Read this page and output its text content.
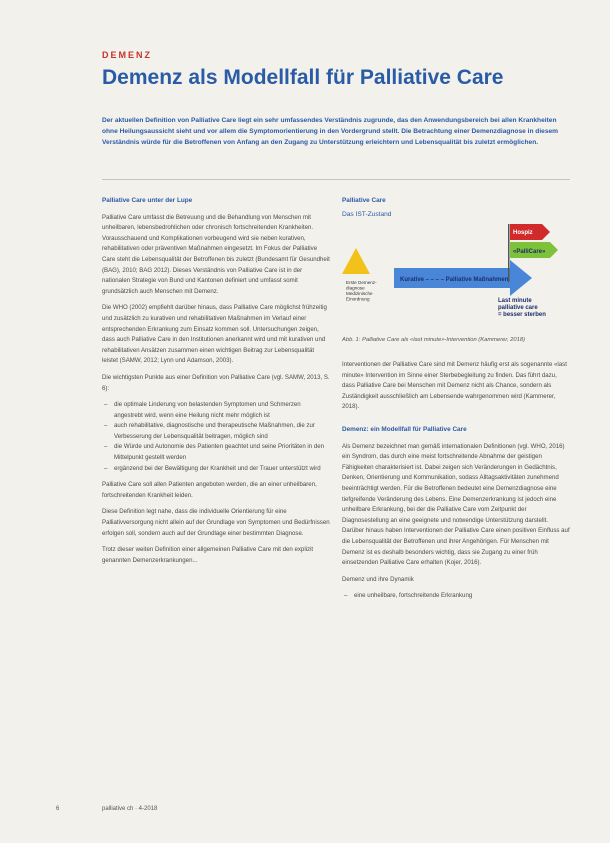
DEMENZ
Demenz als Modellfall für Palliative Care
Der aktuellen Definition von Palliative Care liegt ein sehr umfassendes Verständnis zugrunde, das den Anwendungsbereich bei allen Krankheiten ohne Heilungsaussicht sieht und vor allem die Symptomorientierung in den Vordergrund stellt. Die Betrachtung einer Demenzdiagnose in diesem Verständnis würde für die Betroffenen von Anfang an den Zugang zu Unterstützung erleichtern und Lebensqualität bis zuletzt ermöglichen.

Palliative Care unter der Lupe

Palliative Care umfasst die Betreuung und die Behandlung von Menschen mit unheilbaren, lebensbedrohlichen oder chronisch fortschreitenden Krankheiten. Vorausschauend und Komplikationen vorbeugend wird sie neben kurativen, rehabilitativen oder präventiven Maßnahmen eingesetzt. Im Fokus der Palliative Care steht die Lebensqualität der Betroffenen bis zuletzt (Bundesamt für Gesundheit (BAG), 2010; BAG 2012). Dieses Verständnis von Palliative Care ist in der nationalen Strategie von Bund und Kantonen definiert und umfasst somit grundsätzlich auch Menschen mit Demenz.

Die WHO (2002) empfiehlt darüber hinaus, dass Palliative Care möglichst frühzeitig und zusätzlich zu kurativen und rehabilitativen Maßnahmen im Verlauf einer entsprechenden Erkrankung zum Einsatz kommen soll. Untersuchungen zeigen, dass auch Palliative Care in den Institutionen anerkannt wird und mit kurativen und rehabilitativen Ansätzen zusammen einen wichtigen Beitrag zur Lebensqualität leistet (SAMW, 2012; Lynn und Adamson, 2003).

Die wichtigsten Punkte aus einer Definition von Palliative Care (vgl. SAMW, 2013, S. 6):

– die optimale Linderung von belastenden Symptomen und Schmerzen angestrebt wird, wenn eine Heilung nicht mehr möglich ist
– auch rehabilitative, diagnostische und therapeutische Maßnahmen, die zur Verbesserung der Lebensqualität beitragen, möglich sind
– die Würde und Autonomie des Patienten geachtet und seine Prioritäten in den Mittelpunkt gestellt werden
– ergänzend bei der Bewältigung der Krankheit und der Trauer unterstützt wird

Palliative Care soll allen Patienten angeboten werden, die an einer unheilbaren, fortschreitenden Krankheit leiden.

Diese Definition legt nahe, dass die individuelle Orientierung für eine Palliativversorgung nicht allein auf der Grundlage von Symptomen und Bedürfnissen erfolgen soll, sondern auch auf der Grundlage einer bestimmten Diagnose.

Trotz dieser weiten Definition einer allgemeinen Palliative Care mit den explizit genannten Demenzerkrankungen...

Palliative Care

Das IST-Zustand

Kurative – – – – Palliative Maßnahmen
Hospiz
«PalliCare»
Erste Demenz- diagnose Medizinische Einordnung	Last minute palliative care = besser sterben
Abb. 1: Palliative Care als «last minute»-Intervention (Kammerer, 2018)

Interventionen der Palliative Care sind mit Demenz häufig erst als sogenannte «last minute» Intervention im Sinne einer Sterbebegleitung zu finden. Das führt dazu, dass Palliative Care bei Menschen mit Demenz nicht als Chance, sondern als Zuständigkeit ausschließlich am Lebensende wahrgenommen wird (Kammerer, 2018).

Demenz: ein Modellfall für Palliative Care

Als Demenz bezeichnet man gemäß internationalen Definitionen (vgl. WHO, 2016) ein Syndrom, das durch eine meist fortschreitende Abnahme der geistigen Fähigkeiten charakterisiert ist. Dabei zeigen sich Veränderungen in Gedächtnis, Denken, Orientierung und Kommunikation, sodass Alltagsaktivitäten zunehmend beeinträchtigt werden. Für die Betroffenen bedeutet eine Demenzdiagnose eine tiefgreifende Veränderung des Lebens. Eine Demenzerkrankung ist jedoch eine unheilbare Erkrankung, bei der die Palliative Care vom Zeitpunkt der Diagnosestellung an eine geeignete und notwendige Unterstützung darstellt. Darüber hinaus haben Interventionen der Palliative Care einen positiven Einfluss auf die Lebensqualität der Betroffenen und ihrer Angehörigen. Für Menschen mit Demenz ist es deshalb besonders wichtig, dass sie Zugang zu einer früh einsetzenden Palliative Care erhalten (Kojer, 2016).

Demenz und ihre Dynamik

– eine unheilbare, fortschreitende Erkrankung
6	palliative ch · 4-2018
